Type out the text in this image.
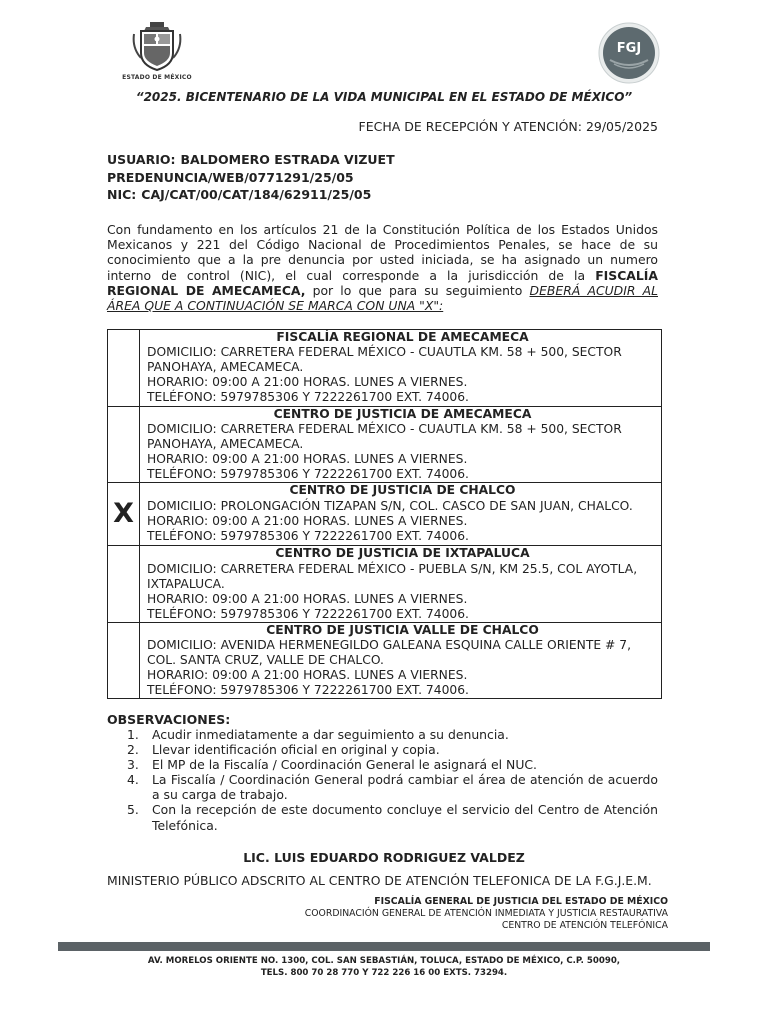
ESTADO DE MÉXICO
FGJ
“2025. BICENTENARIO DE LA VIDA MUNICIPAL EN EL ESTADO DE MÉXICO”
FECHA DE RECEPCIÓN Y ATENCIÓN: 29/05/2025
USUARIO: BALDOMERO ESTRADA VIZUET
PREDENUNCIA/WEB/0771291/25/05
NIC: CAJ/CAT/00/CAT/184/62911/25/05
Con fundamento en los artículos 21 de la Constitución Política de los Estados Unidos Mexicanos y 221 del Código Nacional de Procedimientos Penales, se hace de su conocimiento que a la pre denuncia por usted iniciada, se ha asignado un numero interno de control (NIC), el cual corresponde a la jurisdicción de la FISCALÍA REGIONAL DE AMECAMECA, por lo que para su seguimiento DEBERÁ ACUDIR AL ÁREA QUE A CONTINUACIÓN SE MARCA CON UNA "X":

	FISCALÍA REGIONAL DE AMECAMECA
DOMICILIO: CARRETERA FEDERAL MÉXICO - CUAUTLA KM. 58 + 500, SECTOR PANOHAYA, AMECAMECA.
HORARIO: 09:00 A 21:00 HORAS. LUNES A VIERNES.
TELÉFONO: 5979785306 Y 7222261700 EXT. 74006.

	CENTRO DE JUSTICIA DE AMECAMECA
DOMICILIO: CARRETERA FEDERAL MÉXICO - CUAUTLA KM. 58 + 500, SECTOR PANOHAYA, AMECAMECA.
HORARIO: 09:00 A 21:00 HORAS. LUNES A VIERNES.
TELÉFONO: 5979785306 Y 7222261700 EXT. 74006.

X	CENTRO DE JUSTICIA DE CHALCO
DOMICILIO: PROLONGACIÓN TIZAPAN S/N, COL. CASCO DE SAN JUAN, CHALCO.
HORARIO: 09:00 A 21:00 HORAS. LUNES A VIERNES.
TELÉFONO: 5979785306 Y 7222261700 EXT. 74006.

	CENTRO DE JUSTICIA DE IXTAPALUCA
DOMICILIO: CARRETERA FEDERAL MÉXICO - PUEBLA S/N, KM 25.5, COL AYOTLA, IXTAPALUCA.
HORARIO: 09:00 A 21:00 HORAS. LUNES A VIERNES.
TELÉFONO: 5979785306 Y 7222261700 EXT. 74006.

	CENTRO DE JUSTICIA VALLE DE CHALCO
DOMICILIO: AVENIDA HERMENEGILDO GALEANA ESQUINA CALLE ORIENTE # 7, COL. SANTA CRUZ, VALLE DE CHALCO.
HORARIO: 09:00 A 21:00 HORAS. LUNES A VIERNES.
TELÉFONO: 5979785306 Y 7222261700 EXT. 74006.
OBSERVACIONES:
1.	Acudir inmediatamente a dar seguimiento a su denuncia.
2.	Llevar identificación oficial en original y copia.
3.	El MP de la Fiscalía / Coordinación General le asignará el NUC.
4.	La Fiscalía / Coordinación General podrá cambiar el área de atención de acuerdo a su carga de trabajo.
5.	Con la recepción de este documento concluye el servicio del Centro de Atención Telefónica.
LIC. LUIS EDUARDO RODRIGUEZ VALDEZ
MINISTERIO PÚBLICO ADSCRITO AL CENTRO DE ATENCIÓN TELEFONICA DE LA F.G.J.E.M.
FISCALÍA GENERAL DE JUSTICIA DEL ESTADO DE MÉXICO
COORDINACIÓN GENERAL DE ATENCIÓN INMEDIATA Y JUSTICIA RESTAURATIVA
CENTRO DE ATENCIÓN TELEFÓNICA
AV. MORELOS ORIENTE NO. 1300, COL. SAN SEBASTIÁN, TOLUCA, ESTADO DE MÉXICO, C.P. 50090,
TELS. 800 70 28 770 Y 722 226 16 00 EXTS. 73294.
